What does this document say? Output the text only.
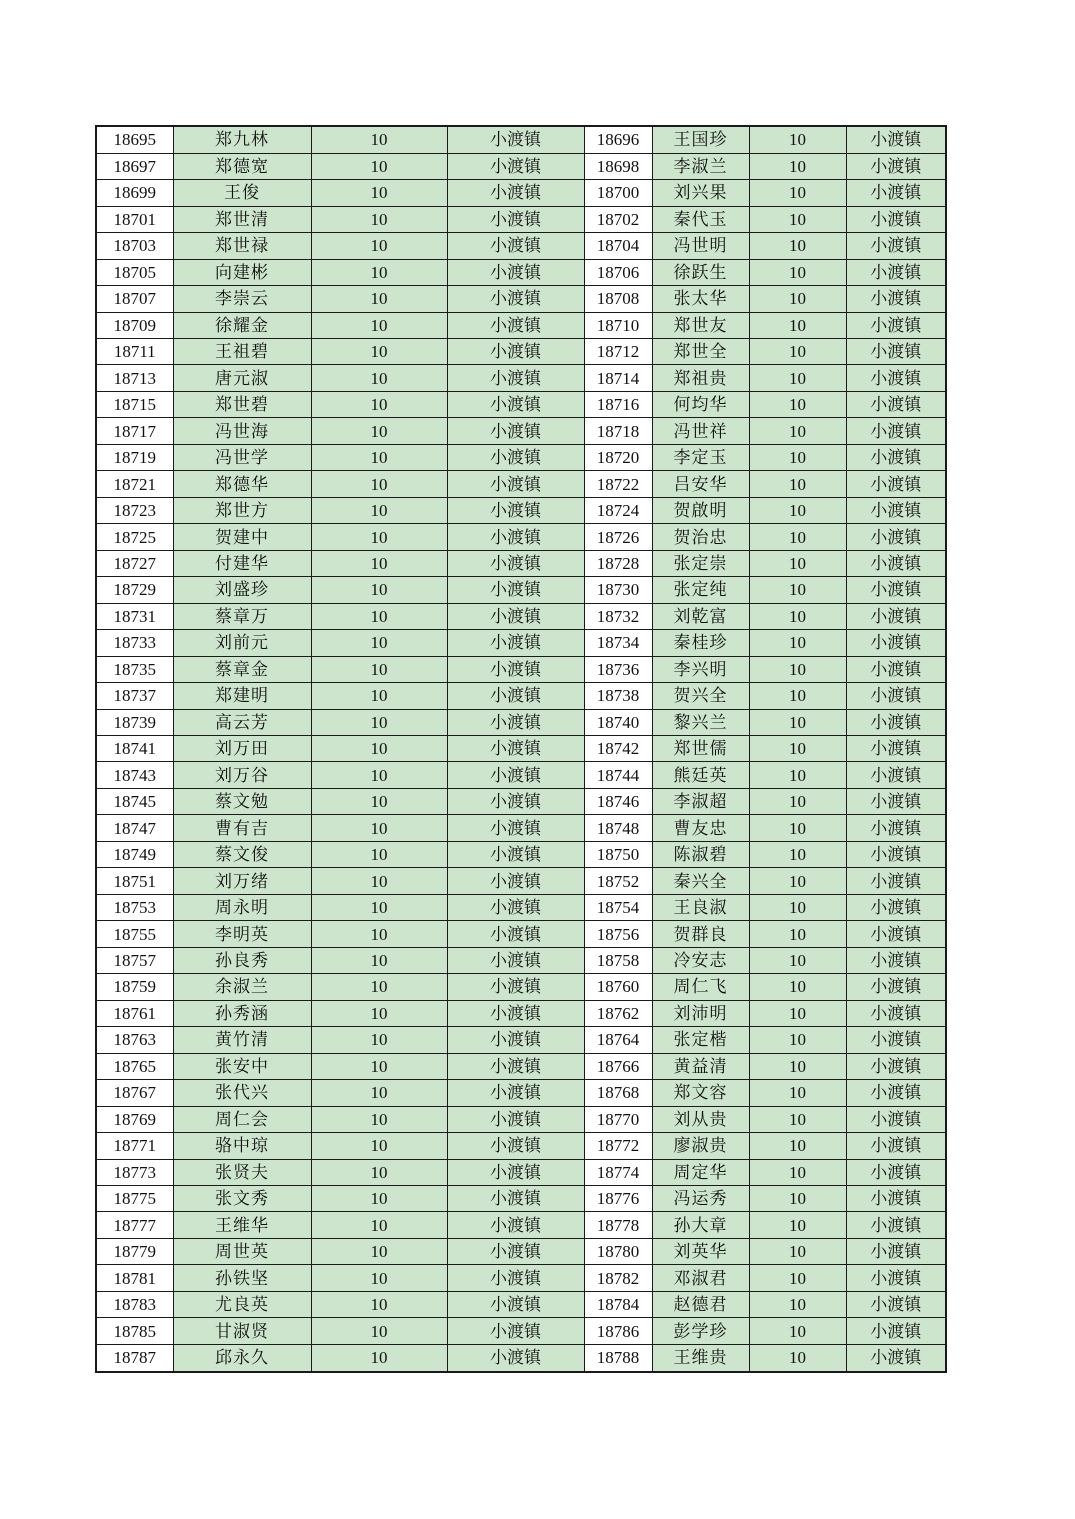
18695	郑九林	10	小渡镇	18696	王国珍	10	小渡镇
18697	郑德宽	10	小渡镇	18698	李淑兰	10	小渡镇
18699	王俊	10	小渡镇	18700	刘兴果	10	小渡镇
18701	郑世清	10	小渡镇	18702	秦代玉	10	小渡镇
18703	郑世禄	10	小渡镇	18704	冯世明	10	小渡镇
18705	向建彬	10	小渡镇	18706	徐跃生	10	小渡镇
18707	李崇云	10	小渡镇	18708	张太华	10	小渡镇
18709	徐耀金	10	小渡镇	18710	郑世友	10	小渡镇
18711	王祖碧	10	小渡镇	18712	郑世全	10	小渡镇
18713	唐元淑	10	小渡镇	18714	郑祖贵	10	小渡镇
18715	郑世碧	10	小渡镇	18716	何均华	10	小渡镇
18717	冯世海	10	小渡镇	18718	冯世祥	10	小渡镇
18719	冯世学	10	小渡镇	18720	李定玉	10	小渡镇
18721	郑德华	10	小渡镇	18722	吕安华	10	小渡镇
18723	郑世方	10	小渡镇	18724	贺啟明	10	小渡镇
18725	贺建中	10	小渡镇	18726	贺治忠	10	小渡镇
18727	付建华	10	小渡镇	18728	张定崇	10	小渡镇
18729	刘盛珍	10	小渡镇	18730	张定纯	10	小渡镇
18731	蔡章万	10	小渡镇	18732	刘乾富	10	小渡镇
18733	刘前元	10	小渡镇	18734	秦桂珍	10	小渡镇
18735	蔡章金	10	小渡镇	18736	李兴明	10	小渡镇
18737	郑建明	10	小渡镇	18738	贺兴全	10	小渡镇
18739	高云芳	10	小渡镇	18740	黎兴兰	10	小渡镇
18741	刘万田	10	小渡镇	18742	郑世儒	10	小渡镇
18743	刘万谷	10	小渡镇	18744	熊廷英	10	小渡镇
18745	蔡文勉	10	小渡镇	18746	李淑超	10	小渡镇
18747	曹有吉	10	小渡镇	18748	曹友忠	10	小渡镇
18749	蔡文俊	10	小渡镇	18750	陈淑碧	10	小渡镇
18751	刘万绪	10	小渡镇	18752	秦兴全	10	小渡镇
18753	周永明	10	小渡镇	18754	王良淑	10	小渡镇
18755	李明英	10	小渡镇	18756	贺群良	10	小渡镇
18757	孙良秀	10	小渡镇	18758	冷安志	10	小渡镇
18759	余淑兰	10	小渡镇	18760	周仁飞	10	小渡镇
18761	孙秀涵	10	小渡镇	18762	刘沛明	10	小渡镇
18763	黄竹清	10	小渡镇	18764	张定楷	10	小渡镇
18765	张安中	10	小渡镇	18766	黄益清	10	小渡镇
18767	张代兴	10	小渡镇	18768	郑文容	10	小渡镇
18769	周仁会	10	小渡镇	18770	刘从贵	10	小渡镇
18771	骆中琼	10	小渡镇	18772	廖淑贵	10	小渡镇
18773	张贤夫	10	小渡镇	18774	周定华	10	小渡镇
18775	张文秀	10	小渡镇	18776	冯运秀	10	小渡镇
18777	王维华	10	小渡镇	18778	孙大章	10	小渡镇
18779	周世英	10	小渡镇	18780	刘英华	10	小渡镇
18781	孙铁坚	10	小渡镇	18782	邓淑君	10	小渡镇
18783	尤良英	10	小渡镇	18784	赵德君	10	小渡镇
18785	甘淑贤	10	小渡镇	18786	彭学珍	10	小渡镇
18787	邱永久	10	小渡镇	18788	王维贵	10	小渡镇
